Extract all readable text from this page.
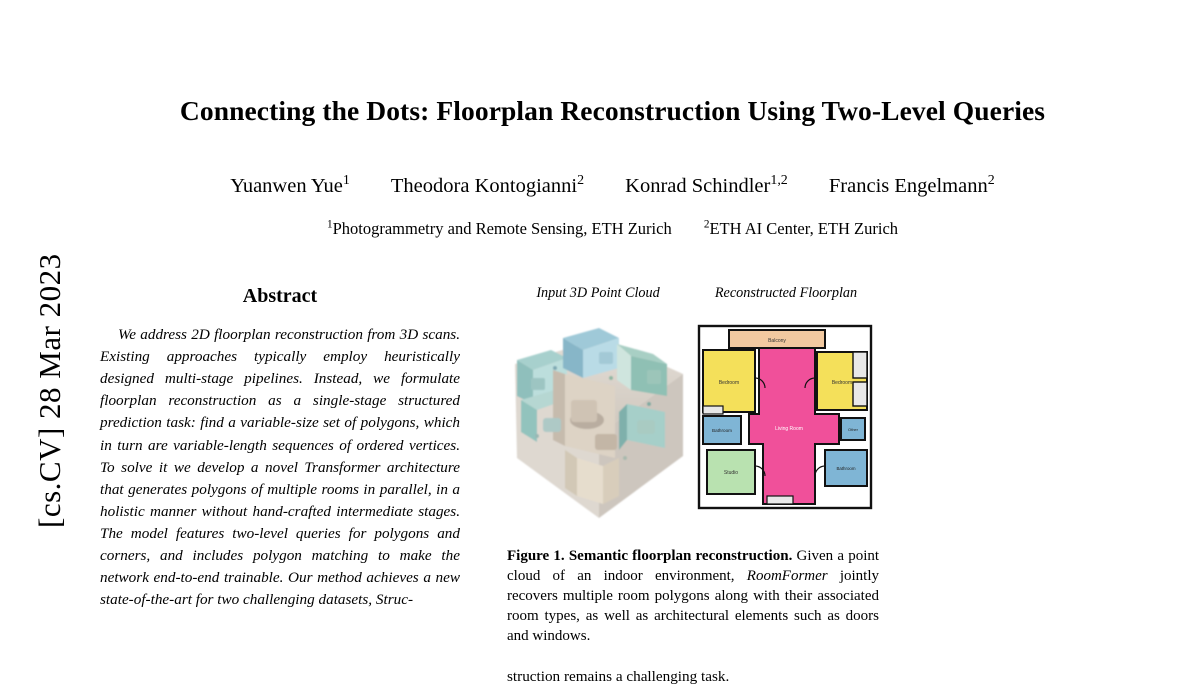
[cs.CV] 28 Mar 2023
Connecting the Dots: Floorplan Reconstruction Using Two-Level Queries
Yuanwen Yue$^1$ Theodora Kontogianni$^2$ Konrad Schindler$^{1,2}$ Francis Engelmann$^2$
$^1$Photogrammetry and Remote Sensing, ETH Zurich	$^2$ETH AI Center, ETH Zurich
Abstract
We address 2D floorplan reconstruction from 3D scans. Existing approaches typically employ heuristically designed multi-stage pipelines. Instead, we formulate floorplan reconstruction as a single-stage structured prediction task: find a variable-size set of polygons, which in turn are variable-length sequences of ordered vertices. To solve it we develop a novel Transformer architecture that generates polygons of multiple rooms in parallel, in a holistic manner without hand-crafted intermediate stages. The model features two-level queries for polygons and corners, and includes polygon matching to make the network end-to-end trainable. Our method achieves a new state-of-the-art for two challenging datasets, Struc-
Input 3D Point Cloud	Reconstructed Floorplan
Balcony
Bedroom	Bedroom
Bathroom	Living Room
Studio
Other
Bathroom
Figure 1. Semantic floorplan reconstruction. Given a point cloud of an indoor environment, RoomFormer jointly recovers multiple room polygons along with their associated room types, as well as architectural elements such as doors and windows.
struction remains a challenging task.
